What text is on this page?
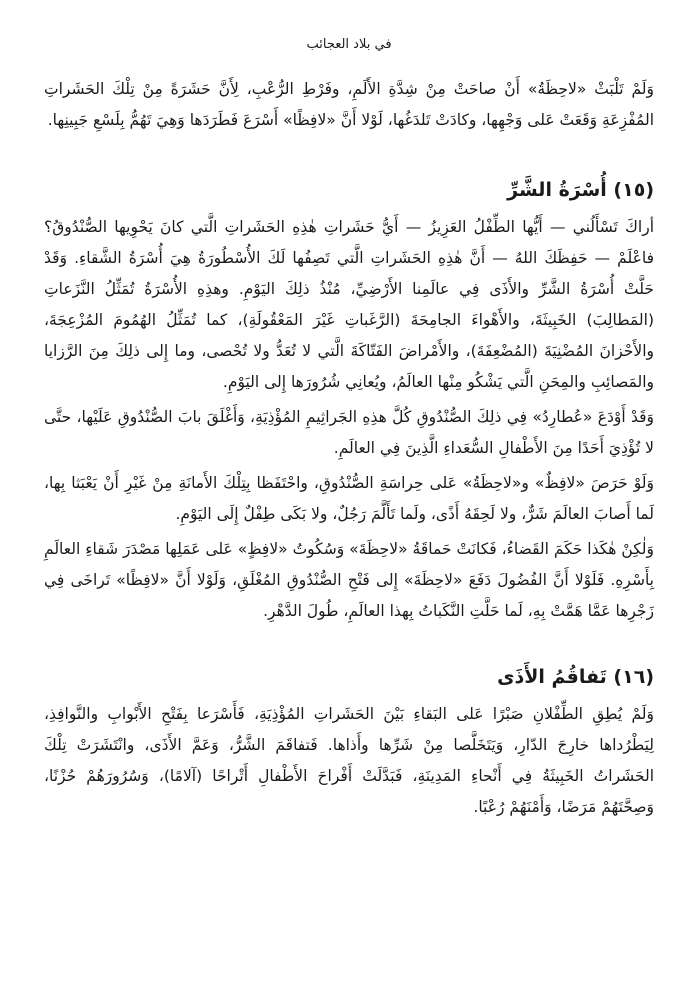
في بلاد العجائب

وَلَمْ تَلْبَثْ «لاحِظَةُ» أَنْ صاحَتْ مِنْ شِدَّةِ الأَلَمِ، وفَرْطِ الرُّعْبِ، لِأَنَّ حَشَرَةً مِنْ تِلْكَ الحَشَراتِ المُفْزِعَةِ وَقَعَتْ عَلى وَجْهِها، وكادَتْ تَلدَغُها، لَوْلا أَنَّ «لافِظًا» أَسْرَعَ فَطَرَدَها وَهِيَ تَهُمُّ بِلَسْعِ جَبِينِها.

(١٥) أُسْرَةُ الشَّرِّ

أراكَ تَسْأَلُني — أَيُّها الطِّفْلُ العَزِيزُ — أَيُّ حَشَراتِ هٰذِهِ الحَشَراتِ الَّتي كانَ يَحْوِيها الصُّنْدُوقُ؟ فاعْلَمْ — حَفِظَكَ اللهُ — أَنَّ هٰذِهِ الحَشَراتِ الَّتي تَصِفُها لَكَ الأُسْطُورَةُ هِيَ أُسْرَةُ الشَّقاءِ. وَقَدْ حَلَّتْ أُسْرَةُ الشَّرِّ والأَذَى فِي عالَمِنا الأَرْضِيِّ، مُنْذُ ذلِكَ اليَوْمِ. وهذِهِ الأُسْرَةُ تُمَثِّلُ النَّزَعاتِ (المَطالِبَ) الخَبِيثَةَ، والأَهْواءَ الجامِحَةَ (الرَّغَباتِ غَيْرَ المَعْقُولَةِ)، كما تُمَثِّلُ الهُمُومَ المُزْعِجَةَ، والأَحْزانَ المُضْنِيَةَ (المُضْعِفَةَ)، والأَمْراضَ الفَتّاكَةَ الَّتي لا تُعَدُّ ولا تُحْصى، وما إِلى ذلِكَ مِنَ الرَّزايا والمَصائِبِ والمِحَنِ الَّتي يَشْكُو مِنْها العالَمُ، ويُعانِي شُرُورَها إِلى اليَوْمِ.

وَقَدْ أَوْدَعَ «عُطارِدُ» فِي ذلِكَ الصُّنْدُوقِ كُلَّ هذِهِ الجَراثِيمِ المُؤْذِيَةِ، وَأَغْلَقَ بابَ الصُّنْدُوقِ عَلَيْها، حتَّى لا تُؤْذِيَ أَحَدًا مِنَ الأَطْفالِ السُّعَداءِ الَّذِينَ فِي العالَمِ.

وَلَوْ حَرَصَ «لافِظٌ» و«لاحِظَةُ» عَلى حِراسَةِ الصُّنْدُوقِ، واحْتَفَظا بِتِلْكَ الأَمانَةِ مِنْ غَيْرِ أَنْ يَعْبَثا بِها، لَما أَصابَ العالَمَ شَرٌّ، ولا لَحِقَهُ أَذًى، ولَما تَأَلَّمَ رَجُلٌ، ولا بَكَى طِفْلٌ إِلَى اليَوْمِ.

وَلٰكِنْ هٰكَذا حَكَمَ القَضاءُ، فَكانَتْ حَماقَةُ «لاحِظَةَ» وَسُكُوتُ «لافِظٍ» عَلى عَمَلِها مَصْدَرَ شَقاءِ العالَمِ بِأَسْرِهِ. فَلَوْلا أَنَّ الفُضُولَ دَفَعَ «لاحِظَةَ» إِلى فَتْحِ الصُّنْدُوقِ المُغْلَقِ، وَلَوْلا أَنَّ «لافِظًا» تَراخَى فِي زَجْرِها عَمَّا هَمَّتْ بِهِ، لَما حَلَّتِ النَّكَباتُ بِهذا العالَمِ، طُولَ الدَّهْرِ.

(١٦) تَفاقُمُ الأَذَى

وَلَمْ يُطِقِ الطِّفْلانِ صَبْرًا عَلى البَقاءِ بَيْنَ الحَشَراتِ المُؤْذِيَةِ، فَأَسْرَعا بِفَتْحِ الأَبْوابِ والنَّوافِذِ، لِيَطْرُداها خارِجَ الدّارِ، وَيَتَخَلَّصا مِنْ شَرِّها وأَذاها. فَتفاقَمَ الشَّرُّ، وَعَمَّ الأَذَى، وانْتَشَرَتْ تِلْكَ الحَشَراتُ الخَبِيثَةُ فِي أَنْحاءِ المَدِينَةِ، فَبَدَّلَتْ أَفْراحَ الأَطْفالِ أَتْراحًا (آلامًا)، وَسُرُورَهُمْ حُزْنًا، وَصِحَّتَهُمْ مَرَضًا، وَأَمْنَهُمْ رُعْبًا.
